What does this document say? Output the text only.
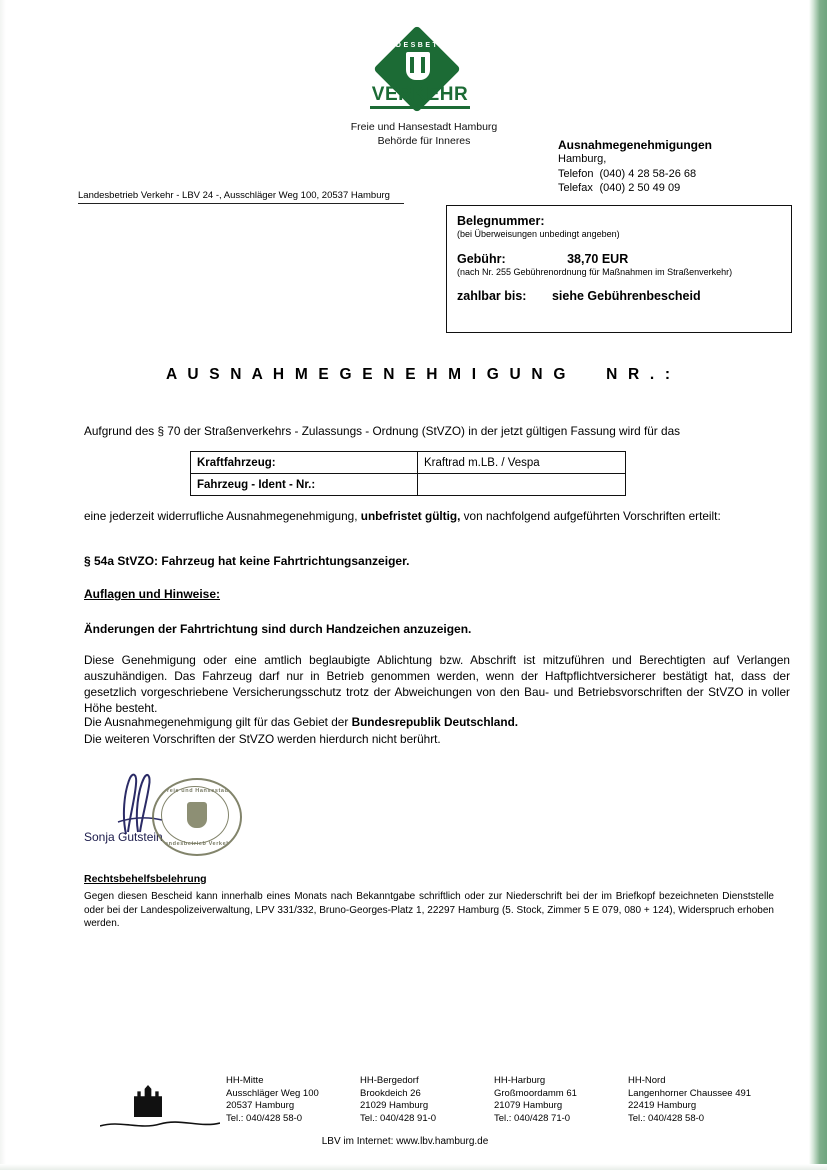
LANDESBETRIEB
VERKEHR
Freie und Hansestadt Hamburg
Behörde für Inneres	Ausnahmegenehmigungen
Hamburg,
Telefon	(040) 4 28 58-26 68
Telefax	(040) 2 50 49 09
Landesbetrieb Verkehr - LBV 24 -, Ausschläger Weg 100, 20537 Hamburg
Belegnummer:
(bei Überweisungen unbedingt angeben)
Gebühr:	38,70 EUR
(nach Nr. 255 Gebührenordnung für Maßnahmen im Straßenverkehr)
zahlbar bis: siehe Gebührenbescheid
A U S N A H M E G E N E H M I G U N G N R . :
Aufgrund des § 70 der Straßenverkehrs - Zulassungs - Ordnung (StVZO) in der jetzt gültigen Fassung wird für das
Kraftfahrzeug:	Kraftrad m.LB. / Vespa
Fahrzeug - Ident - Nr.:	
eine jederzeit widerrufliche Ausnahmegenehmigung, unbefristet gültig, von nachfolgend aufgeführten Vorschriften erteilt:
§ 54a StVZO: Fahrzeug hat keine Fahrtrichtungsanzeiger.
Auflagen und Hinweise:
Änderungen der Fahrtrichtung sind durch Handzeichen anzuzeigen.
Diese Genehmigung oder eine amtlich beglaubigte Ablichtung bzw. Abschrift ist mitzuführen und Berechtigten auf Verlangen auszuhändigen. Das Fahrzeug darf nur in Betrieb genommen werden, wenn der Haftpflichtversicherer bestätigt hat, dass der gesetzlich vorgeschriebene Versicherungsschutz trotz der Abweichungen von den Bau- und Betriebsvorschriften der StVZO in voller Höhe besteht.
Die Ausnahmegenehmigung gilt für das Gebiet der Bundesrepublik Deutschland.
Die weiteren Vorschriften der StVZO werden hierdurch nicht berührt.
Sonja Gutstein
• Freie und Hansestadt •
Landesbetrieb Verkehr
Rechtsbehelfsbelehrung
Gegen diesen Bescheid kann innerhalb eines Monats nach Bekanntgabe schriftlich oder zur Niederschrift bei der im Briefkopf bezeichneten Dienststelle oder bei der Landespolizeiverwaltung, LPV 331/332, Bruno-Georges-Platz 1, 22297 Hamburg (5. Stock, Zimmer 5 E 079, 080 + 124), Widerspruch erhoben werden.
HH-Mitte
Ausschläger Weg 100
20537 Hamburg
Tel.: 040/428 58-0
HH-Bergedorf
Brookdeich 26
21029 Hamburg
Tel.: 040/428 91-0
HH-Harburg
Großmoordamm 61
21079 Hamburg
Tel.: 040/428 71-0
HH-Nord
Langenhorner Chaussee 491
22419 Hamburg
Tel.: 040/428 58-0
LBV im Internet: www.lbv.hamburg.de
